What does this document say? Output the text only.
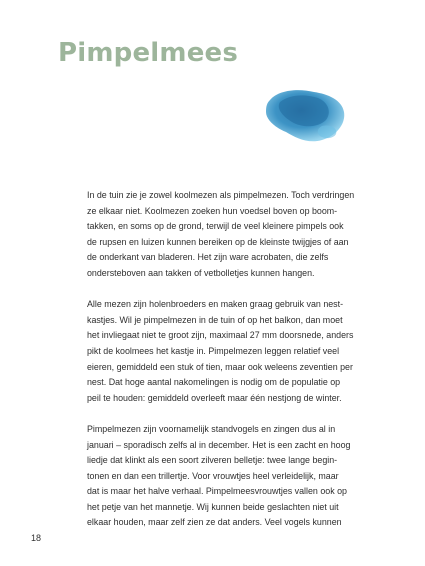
Pimpelmees

In de tuin zie je zowel koolmezen als pimpelmezen. Toch verdringen
ze elkaar niet. Koolmezen zoeken hun voedsel boven op boom-
takken, en soms op de grond, terwijl de veel kleinere pimpels ook
de rupsen en luizen kunnen bereiken op de kleinste twijgjes of aan
de onderkant van bladeren. Het zijn ware acrobaten, die zelfs
ondersteboven aan takken of vetbolletjes kunnen hangen.

Alle mezen zijn holenbroeders en maken graag gebruik van nest-
kastjes. Wil je pimpelmezen in de tuin of op het balkon, dan moet
het invliegaat niet te groot zijn, maximaal 27 mm doorsnede, anders
pikt de koolmees het kastje in. Pimpelmezen leggen relatief veel
eieren, gemiddeld een stuk of tien, maar ook weleens zeventien per
nest. Dat hoge aantal nakomelingen is nodig om de populatie op
peil te houden: gemiddeld overleeft maar één nestjong de winter.

Pimpelmezen zijn voornamelijk standvogels en zingen dus al in
januari – sporadisch zelfs al in december. Het is een zacht en hoog
liedje dat klinkt als een soort zilveren belletje: twee lange begin-
tonen en dan een trillertje. Voor vrouwtjes heel verleidelijk, maar
dat is maar het halve verhaal. Pimpelmeesvrouwtjes vallen ook op
het petje van het mannetje. Wij kunnen beide geslachten niet uit
elkaar houden, maar zelf zien ze dat anders. Veel vogels kunnen

18
